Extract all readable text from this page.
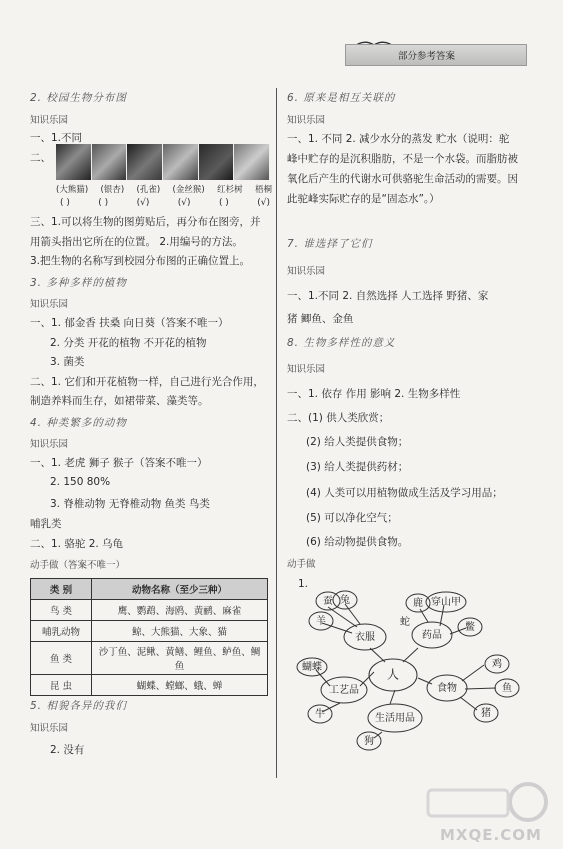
部分参考答案
2. 校园生物分布图
知识乐园
一、1.不同
二、
(大熊猫) (银杏) (孔雀) (金丝猴) 红杉树 梧桐
( )	( )	(√)	(√)	( )	(√)
三、1.可以将生物的图剪贴后，再分布在图旁，并
用箭头指出它所在的位置。 2.用编号的方法。
3.把生物的名称写到校园分布图的正确位置上。
3. 多种多样的植物
知识乐园
一、1. 郁金香 扶桑 向日葵（答案不唯一）
2. 分类 开花的植物 不开花的植物
3. 菌类
二、1. 它们和开花植物一样，自己进行光合作用，
制造养料而生存，如裙带菜、藻类等。
4. 种类繁多的动物
知识乐园
一、1. 老虎 狮子 猴子（答案不唯一）
2. 150 80%
3. 脊椎动物 无脊椎动物 鱼类 鸟类
哺乳类
二、1. 骆驼 2. 乌龟
动手做（答案不唯一）
类 别	动物名称（至少三种）
鸟 类	鹰、鹦鹉、海鸥、黄鹂、麻雀
哺乳动物	鲸、大熊猫、大象、猫
鱼 类	沙丁鱼、泥鳅、黄鳝、鲤鱼、鲈鱼、鲷鱼
昆 虫	蝴蝶、螳螂、蛾、蝉
5. 相貌各异的我们
知识乐园
2. 没有
6. 原来是相互关联的
知识乐园
一、1. 不同 2. 减少水分的蒸发 贮水（说明：驼
峰中贮存的是沉积脂肪，不是一个水袋。而脂肪被
氧化后产生的代谢水可供骆驼生命活动的需要。因
此驼峰实际贮存的是“固态水”。）
7. 谁选择了它们
知识乐园
一、1.不同 2. 自然选择 人工选择 野猪、家
猪 鲫鱼、金鱼
8. 生物多样性的意义
知识乐园
一、1. 依存 作用 影响 2. 生物多样性
二、(1) 供人类欣赏；
(2) 给人类提供食物；
(3) 给人类提供药材；
(4) 人类可以用植物做成生活及学习用品；
(5) 可以净化空气；
(6) 给动物提供食物。
动手做
1.
人
衣服	药品
工艺品	食物
生活用品
蚕 兔
羊
鹿 穿山甲
蛇	鳖
蝴蝶
牛
鸡
鱼
猪
狗
MXQE.COM
